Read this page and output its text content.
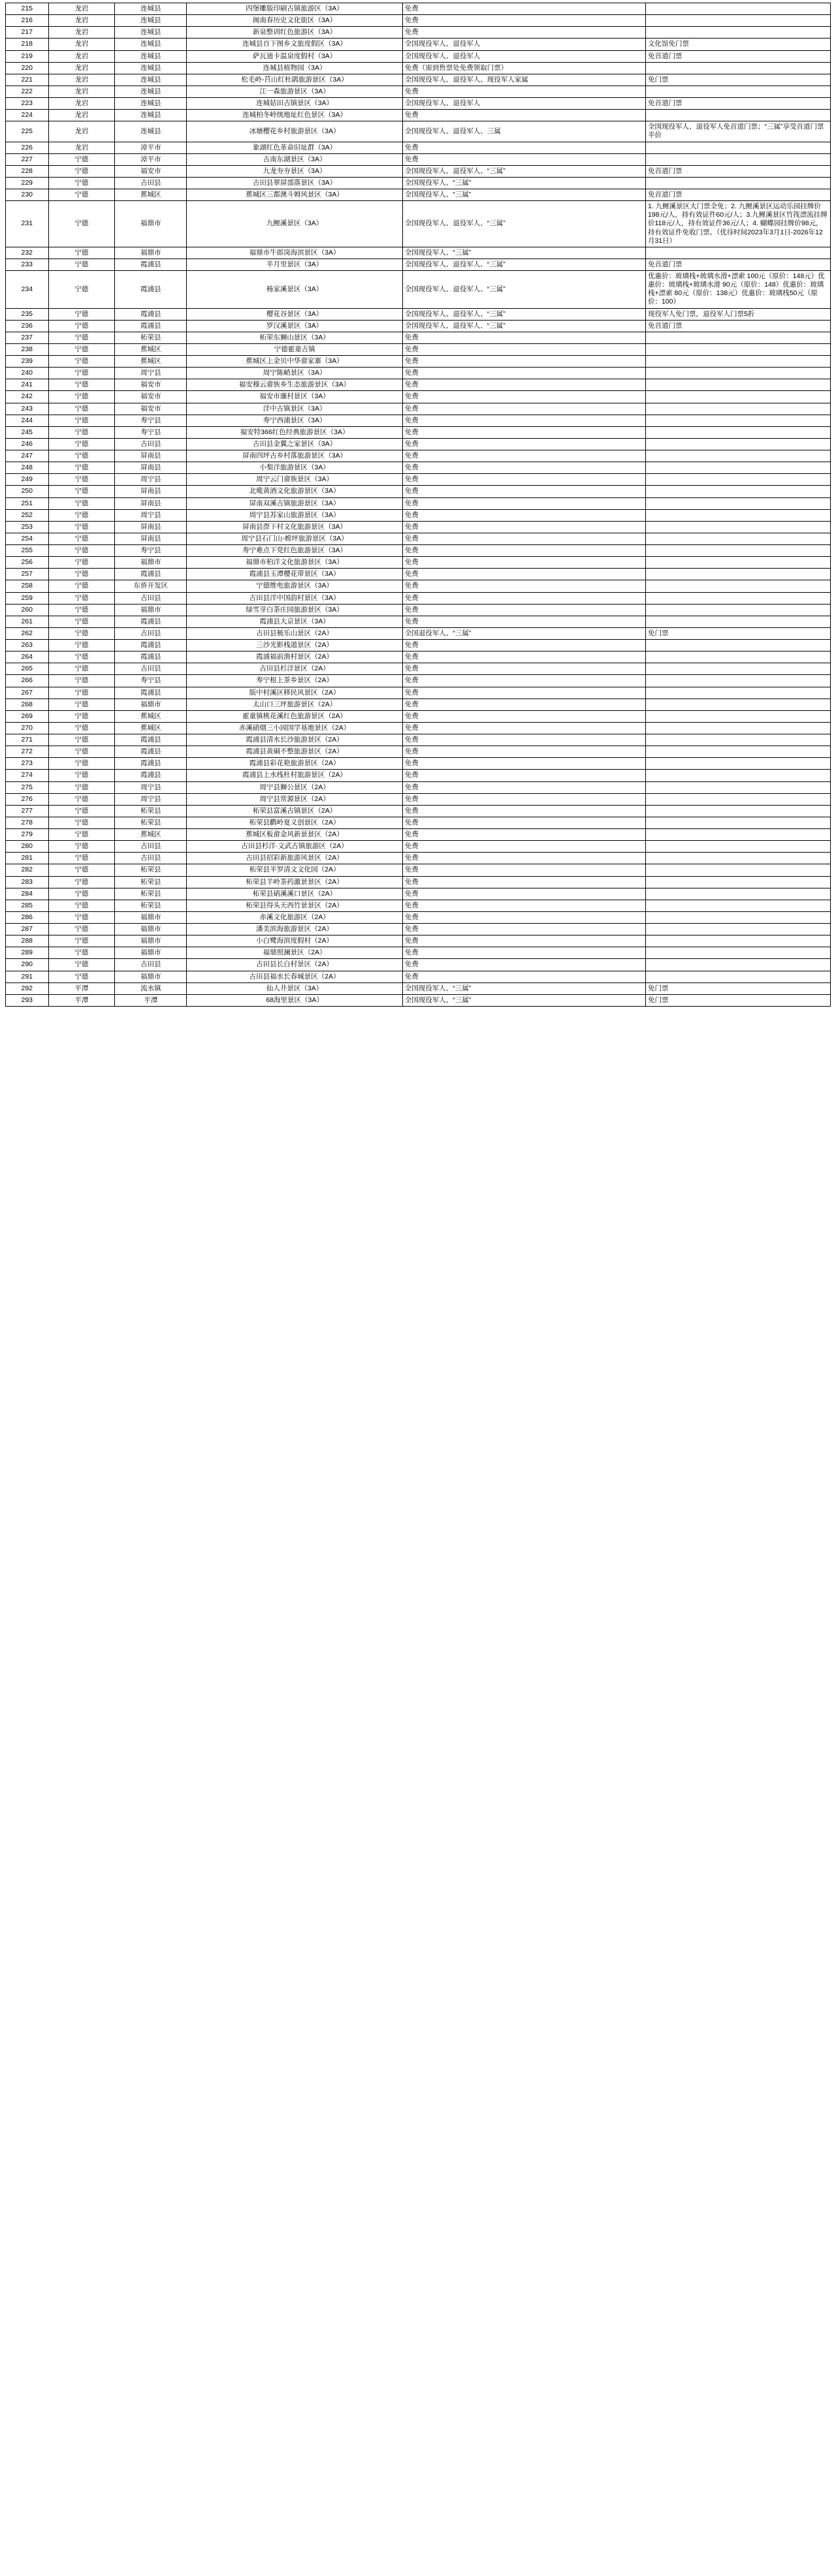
215	龙岩	连城县	四堡雕版印刷古镇旅游区（3A）	免费	
216	龙岩	连城县	闽南春历史文化街区（3A）	免费	
217	龙岩	连城县	新泉整训红色旅游区（3A）	免费	
218	龙岩	连城县	连城县自下图乡文旅度假区（3A）	全国现役军人、退役军人	文化馆免门票
219	龙岩	连城县	萨瓦迪卡温泉度假村（3A）	全国现役军人、退役军人	免首道门票
220	龙岩	连城县	连城县植物园（3A）	免费（需到售票处免费领取门票）	
221	龙岩	连城县	松毛岭-莒山红杜鹃旅游景区（3A）	全国现役军人、退役军人、现役军人家属	免门票
222	龙岩	连城县	江一森旅游景区（3A）	免费	
223	龙岩	连城县	连城姑田古镇景区（3A）	全国现役军人、退役军人	免首道门票
224	龙岩	连城县	连城柏冬岭统地址红色景区（3A）	免费	
225	龙岩	连城县	冰塘樱花乡村旅游景区（3A）	全国现役军人、退役军人、三属	全国现役军人、退役军人免首道门票；“三属”享受首道门票半价
226	龙岩	漳平市	象湖红色革命旧址群（3A）	免费	
227	宁德	漳平市	古南东湖景区（3A）	免费	
228	宁德	福安市	九龙夯夯景区（3A）	全国现役军人、退役军人、“三属”	免首道门票
229	宁德	古田县	古田县翠屏部落景区（3A）	全国现役军人、“三属”	
230	宁德	蕉城区	蕉城区三都澳斗姆风景区（3A）	全国现役军人、“三属”	免首道门票
231	宁德	福鼎市	九鲤溪景区（3A）	全国现役军人、退役军人、“三属”	1. 九鲤溪景区大门票全免；2. 九鲤溪景区运动乐园挂牌价198元/人，持有效证件60元/人；3.九鲤溪景区竹筏漂流挂牌价118元/人，持有效证件36元/人；4. 蝴蝶园挂牌价98元，持有效证件免收门票。（优待时间2023年3月1日-2026年12月31日）
232	宁德	福鼎市	福鼎市牛郎岗海滨景区（3A）	全国现役军人、“三属”	
233	宁德	霞浦县	半月里景区（3A）	全国现役军人、退役军人、“三属”	免首道门票
234	宁德	霞浦县	杨家溪景区（3A）	全国现役军人、退役军人、“三属”	优惠价：玻璃栈+玻璃水滑+漂索 100元（原价：148元）优惠价：玻璃栈+玻璃水滑 90元（原价：148）优惠价：玻璃栈+漂索 80元（原价：138元）优惠价：玻璃栈50元（原价：100）
235	宁德	霞浦县	樱花谷景区（3A）	全国现役军人、退役军人、“三属”	现役军人免门票，退役军人门票5折
236	宁德	霞浦县	罗汉溪景区（3A）	全国现役军人、退役军人、“三属”	免首道门票
237	宁德	柘荣县	柘荣东狮山景区（3A）	免费	
238	宁德	蕉城区	宁德霍童古镇	免费	
239	宁德	蕉城区	蕉城区上金贝中华畲家寨（3A）	免费	
240	宁德	周宁县	周宁陈峭景区（3A）	免费	
241	宁德	福安市	福安穆云畲族乡生态旅游景区（3A）	免费	
242	宁德	福安市	福安市廉村景区（3A）	免费	
243	宁德	福安市	洋中古镇景区（3A）	免费	
244	宁德	寿宁县	寿宁西浦景区（3A）	免费	
245	宁德	寿宁县	福安特366红色经典旅游景区（3A）	免费	
246	宁德	古田县	古田县金翼之家景区（3A）	免费	
247	宁德	屏南县	屏南四坪古乡村落旅游景区（3A）	免费	
248	宁德	屏南县	小梨洋旅游景区（3A）	免费	
249	宁德	周宁县	周宁云门畲族景区（3A）	免费	
250	宁德	屏南县	北墘黄酒文化旅游景区（3A）	免费	
251	宁德	屏南县	屏南双溪古镇旅游景区（3A）	免费	
252	宁德	周宁县	周宁县苏家山旅游景区（3A）	免费	
253	宁德	屏南县	屏南县漈下村文化旅游景区（3A）	免费	
254	宁德	屏南县	周宁县石门山-螳坪旅游景区（3A）	免费	
255	宁德	寿宁县	寿宁难点下党红色旅游景区（3A）	免费	
256	宁德	福鼎市	福鼎市柏洋文化旅游景区（3A）	免费	
257	宁德	霞浦县	霞浦县玉潭樱花带景区（3A）	免费	
258	宁德	东侨开发区	宁德维电旅游景区（3A）	免费	
259	宁德	古田县	古田县洋中国韵村景区（3A）	免费	
260	宁德	福鼎市	绿雪芽白茶庄园旅游景区（3A）	免费	
261	宁德	霞浦县	霞浦县大京景区（3A）	免费	
262	宁德	古田县	古田县极乐山景区（2A）	全国退役军人、“三属”	免门票
263	宁德	霞浦县	三沙光影栈道景区（2A）	免费	
264	宁德	霞浦县	霞浦福前渔村景区（2A）	免费	
265	宁德	古田县	古田县杉洋景区（2A）	免费	
266	宁德	寿宁县	寿宁根上茶乡景区（2A）	免费	
267	宁德	霞浦县	版中村溪区移民风景区（2A）	免费	
268	宁德	福鼎市	太山口三坪旅游景区（2A）	免费	
269	宁德	蕉城区	霍童镇桃花溪红色旅游景区（2A）	免费	
270	宁德	蕉城区	赤溪硝烟三小园国学基地景区（2A）	免费	
271	宁德	霞浦县	霞浦县清水长沙旅游景区（2A）	免费	
272	宁德	霞浦县	霞浦县黄硐不整旅游景区（2A）	免费	
273	宁德	霞浦县	霞浦县彩花艳旅游景区（2A）	免费	
274	宁德	霞浦县	霞浦县上水栈杜村旅游景区（2A）	免费	
275	宁德	周宁县	周宁县狮公景区（2A）	免费	
276	宁德	周宁县	周宁县常源景区（2A）	免费	
277	宁德	柘荣县	柘荣县富溪古镇景区（2A）	免费	
278	宁德	柘荣县	柘荣县鹳岭夏义创景区（2A）	免费	
279	宁德	蕉城区	蕉城区板畲金风新景景区（2A）	免费	
280	宁德	古田县	古田县杉洋·文武古镇旅游区（2A）	免费	
281	宁德	古田县	古田县招彩新旅游风景区（2A）	免费	
282	宁德	柘荣县	柘荣县半罗清文文化园（2A）	免费	
283	宁德	柘荣县	柘荣县羊岭茶药激景景区（2A）	免费	
284	宁德	柘荣县	柘荣县硝溪溪口景区（2A）	免费	
285	宁德	柘荣县	柘荣县得头天西竹景景区（2A）	免费	
286	宁德	福鼎市	赤溪文化旅游区（2A）	免费	
287	宁德	福鼎市	潘美滨海旅游景区（2A）	免费	
288	宁德	福鼎市	小白鹭海滨度假村（2A）	免费	
289	宁德	福鼎市	福鼎照澜景区（2A）	免费	
290	宁德	古田县	古田县长白村景区（2A）	免费	
291	宁德	福鼎市	古田县福水长春城景区（2A）	免费	
292	平潭	流水镇	仙人井景区（3A）	全国现役军人、“三属”	免门票
293	平潭	平潭	68海里景区（3A）	全国现役军人、“三属”	免门票
